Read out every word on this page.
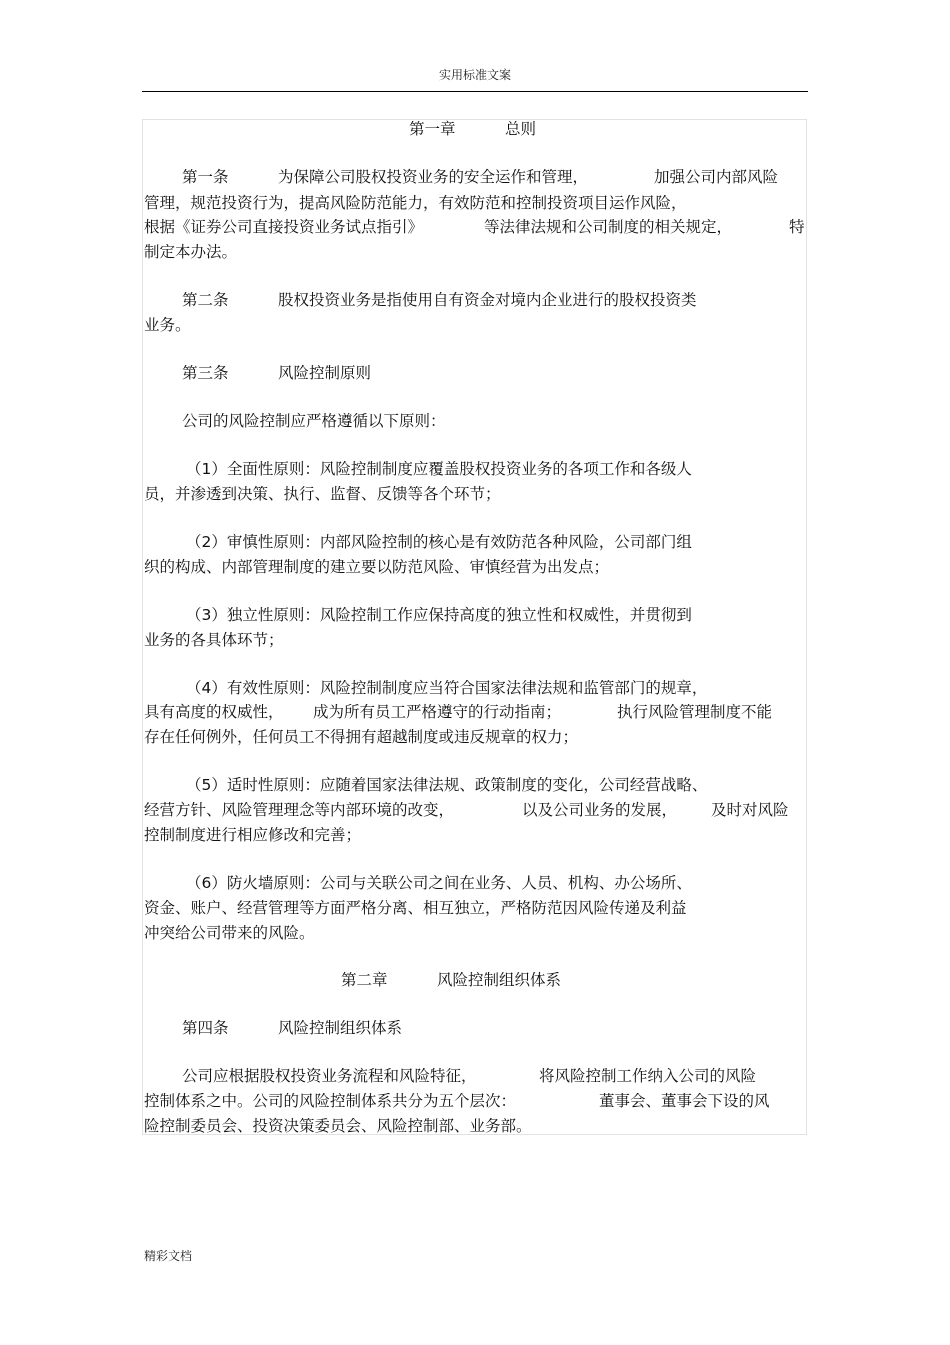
实用标准文案
第一章	总则
第一条	为保障公司股权投资业务的安全运作和管理，	加强公司内部风险
管理，规范投资行为，提高风险防范能力，有效防范和控制投资项目运作风险，
根据《证券公司直接投资业务试点指引》	等法律法规和公司制度的相关规定，	特
制定本办法。
第二条	股权投资业务是指使用自有资金对境内企业进行的股权投资类
业务。
第三条	风险控制原则
公司的风险控制应严格遵循以下原则：
（1）全面性原则：风险控制制度应覆盖股权投资业务的各项工作和各级人
员，并渗透到决策、执行、监督、反馈等各个环节；
（2）审慎性原则：内部风险控制的核心是有效防范各种风险，公司部门组
织的构成、内部管理制度的建立要以防范风险、审慎经营为出发点；
（3）独立性原则：风险控制工作应保持高度的独立性和权威性，并贯彻到
业务的各具体环节；
（4）有效性原则：风险控制制度应当符合国家法律法规和监管部门的规章，
具有高度的权威性， 成为所有员工严格遵守的行动指南；	执行风险管理制度不能
存在任何例外，任何员工不得拥有超越制度或违反规章的权力；
（5）适时性原则：应随着国家法律法规、政策制度的变化，公司经营战略、
经营方针、风险管理理念等内部环境的改变，	以及公司业务的发展， 及时对风险
控制制度进行相应修改和完善；
（6）防火墙原则：公司与关联公司之间在业务、人员、机构、办公场所、
资金、账户、经营管理等方面严格分离、相互独立，严格防范因风险传递及利益
冲突给公司带来的风险。
第二章	风险控制组织体系
第四条	风险控制组织体系
公司应根据股权投资业务流程和风险特征，	将风险控制工作纳入公司的风险
控制体系之中。公司的风险控制体系共分为五个层次：	董事会、董事会下设的风
险控制委员会、投资决策委员会、风险控制部、业务部。
精彩文档
